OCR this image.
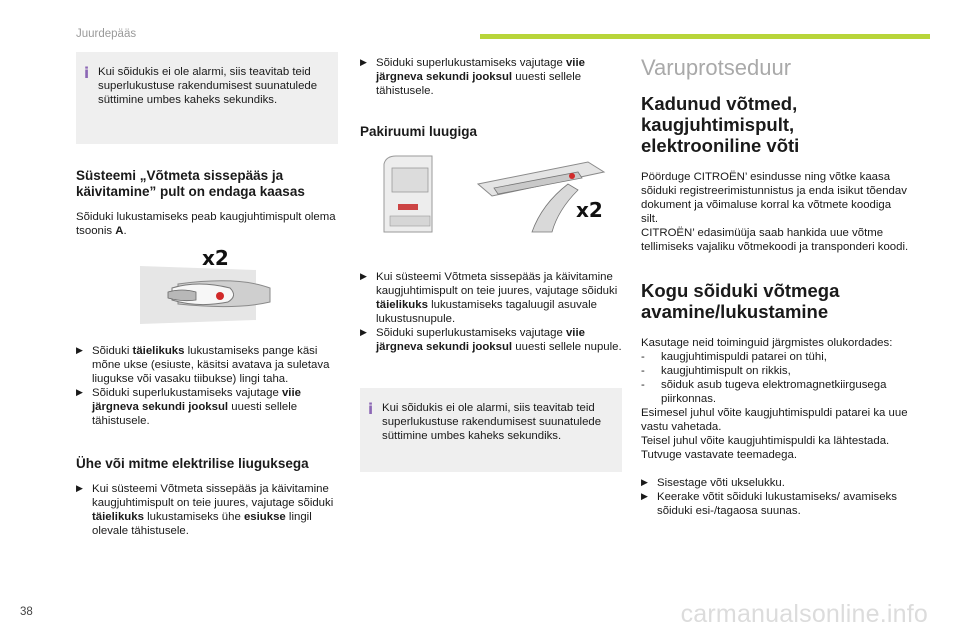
Juurdepääs
i Kui sõidukis ei ole alarmi, siis teavitab teid superlukustuse rakendumisest suunatulede süttimine umbes kaheks sekundiks.
Süsteemi „Võtmeta sissepääs ja käivitamine” pult on endaga kaasas

Sõiduki lukustamiseks peab kaugjuhtimispult olema tsoonis A.

x2
▶︎ Sõiduki täielikuks lukustamiseks pange käsi mõne ukse (esiuste, käsitsi avatava ja suletava liugukse või vasaku tiibukse) lingi taha.
▶︎ Sõiduki superlukustamiseks vajutage viie järgneva sekundi jooksul uuesti sellele tähistusele.
Ühe või mitme elektrilise liuguksega
▶︎ Kui süsteemi Võtmeta sissepääs ja käivitamine kaugjuhtimispult on teie juures, vajutage sõiduki täielikuks lukustamiseks ühe esiukse lingil olevale tähistusele.
▶︎ Sõiduki superlukustamiseks vajutage viie järgneva sekundi jooksul uuesti sellele tähistusele.
Pakiruumi luugiga
x2
▶︎ Kui süsteemi Võtmeta sissepääs ja käivitamine kaugjuhtimispult on teie juures, vajutage sõiduki täielikuks lukustamiseks tagaluugil asuvale lukustusnupule.
▶︎ Sõiduki superlukustamiseks vajutage viie järgneva sekundi jooksul uuesti sellele nupule.
i Kui sõidukis ei ole alarmi, siis teavitab teid superlukustuse rakendumisest suunatulede süttimine umbes kaheks sekundiks.
Varuprotseduur
Kadunud võtmed, kaugjuhtimispult, elektrooniline võti

Pöörduge CITROËN’ esindusse ning võtke kaasa sõiduki registreerimistunnistus ja enda isikut tõendav dokument ja võimaluse korral ka võtmete koodiga silt.

CITROËN’ edasimüüja saab hankida uue võtme tellimiseks vajaliku võtmekoodi ja transponderi koodi.

Kogu sõiduki võtmega avamine/lukustamine

Kasutage neid toiminguid järgmistes olukordades:

- kaugjuhtimispuldi patarei on tühi,
- kaugjuhtimispult on rikkis,
- sõiduk asub tugeva elektromagnetkiirgusega piirkonnas.

Esimesel juhul võite kaugjuhtimispuldi patarei ka uue vastu vahetada.

Teisel juhul võite kaugjuhtimispuldi ka lähtestada.

Tutvuge vastavate teemadega.

▶︎ Sisestage võti ukselukku.
▶︎ Keerake võtit sõiduki lukustamiseks/ avamiseks sõiduki esi-/tagaosa suunas.
38	carmanualsonline.info
